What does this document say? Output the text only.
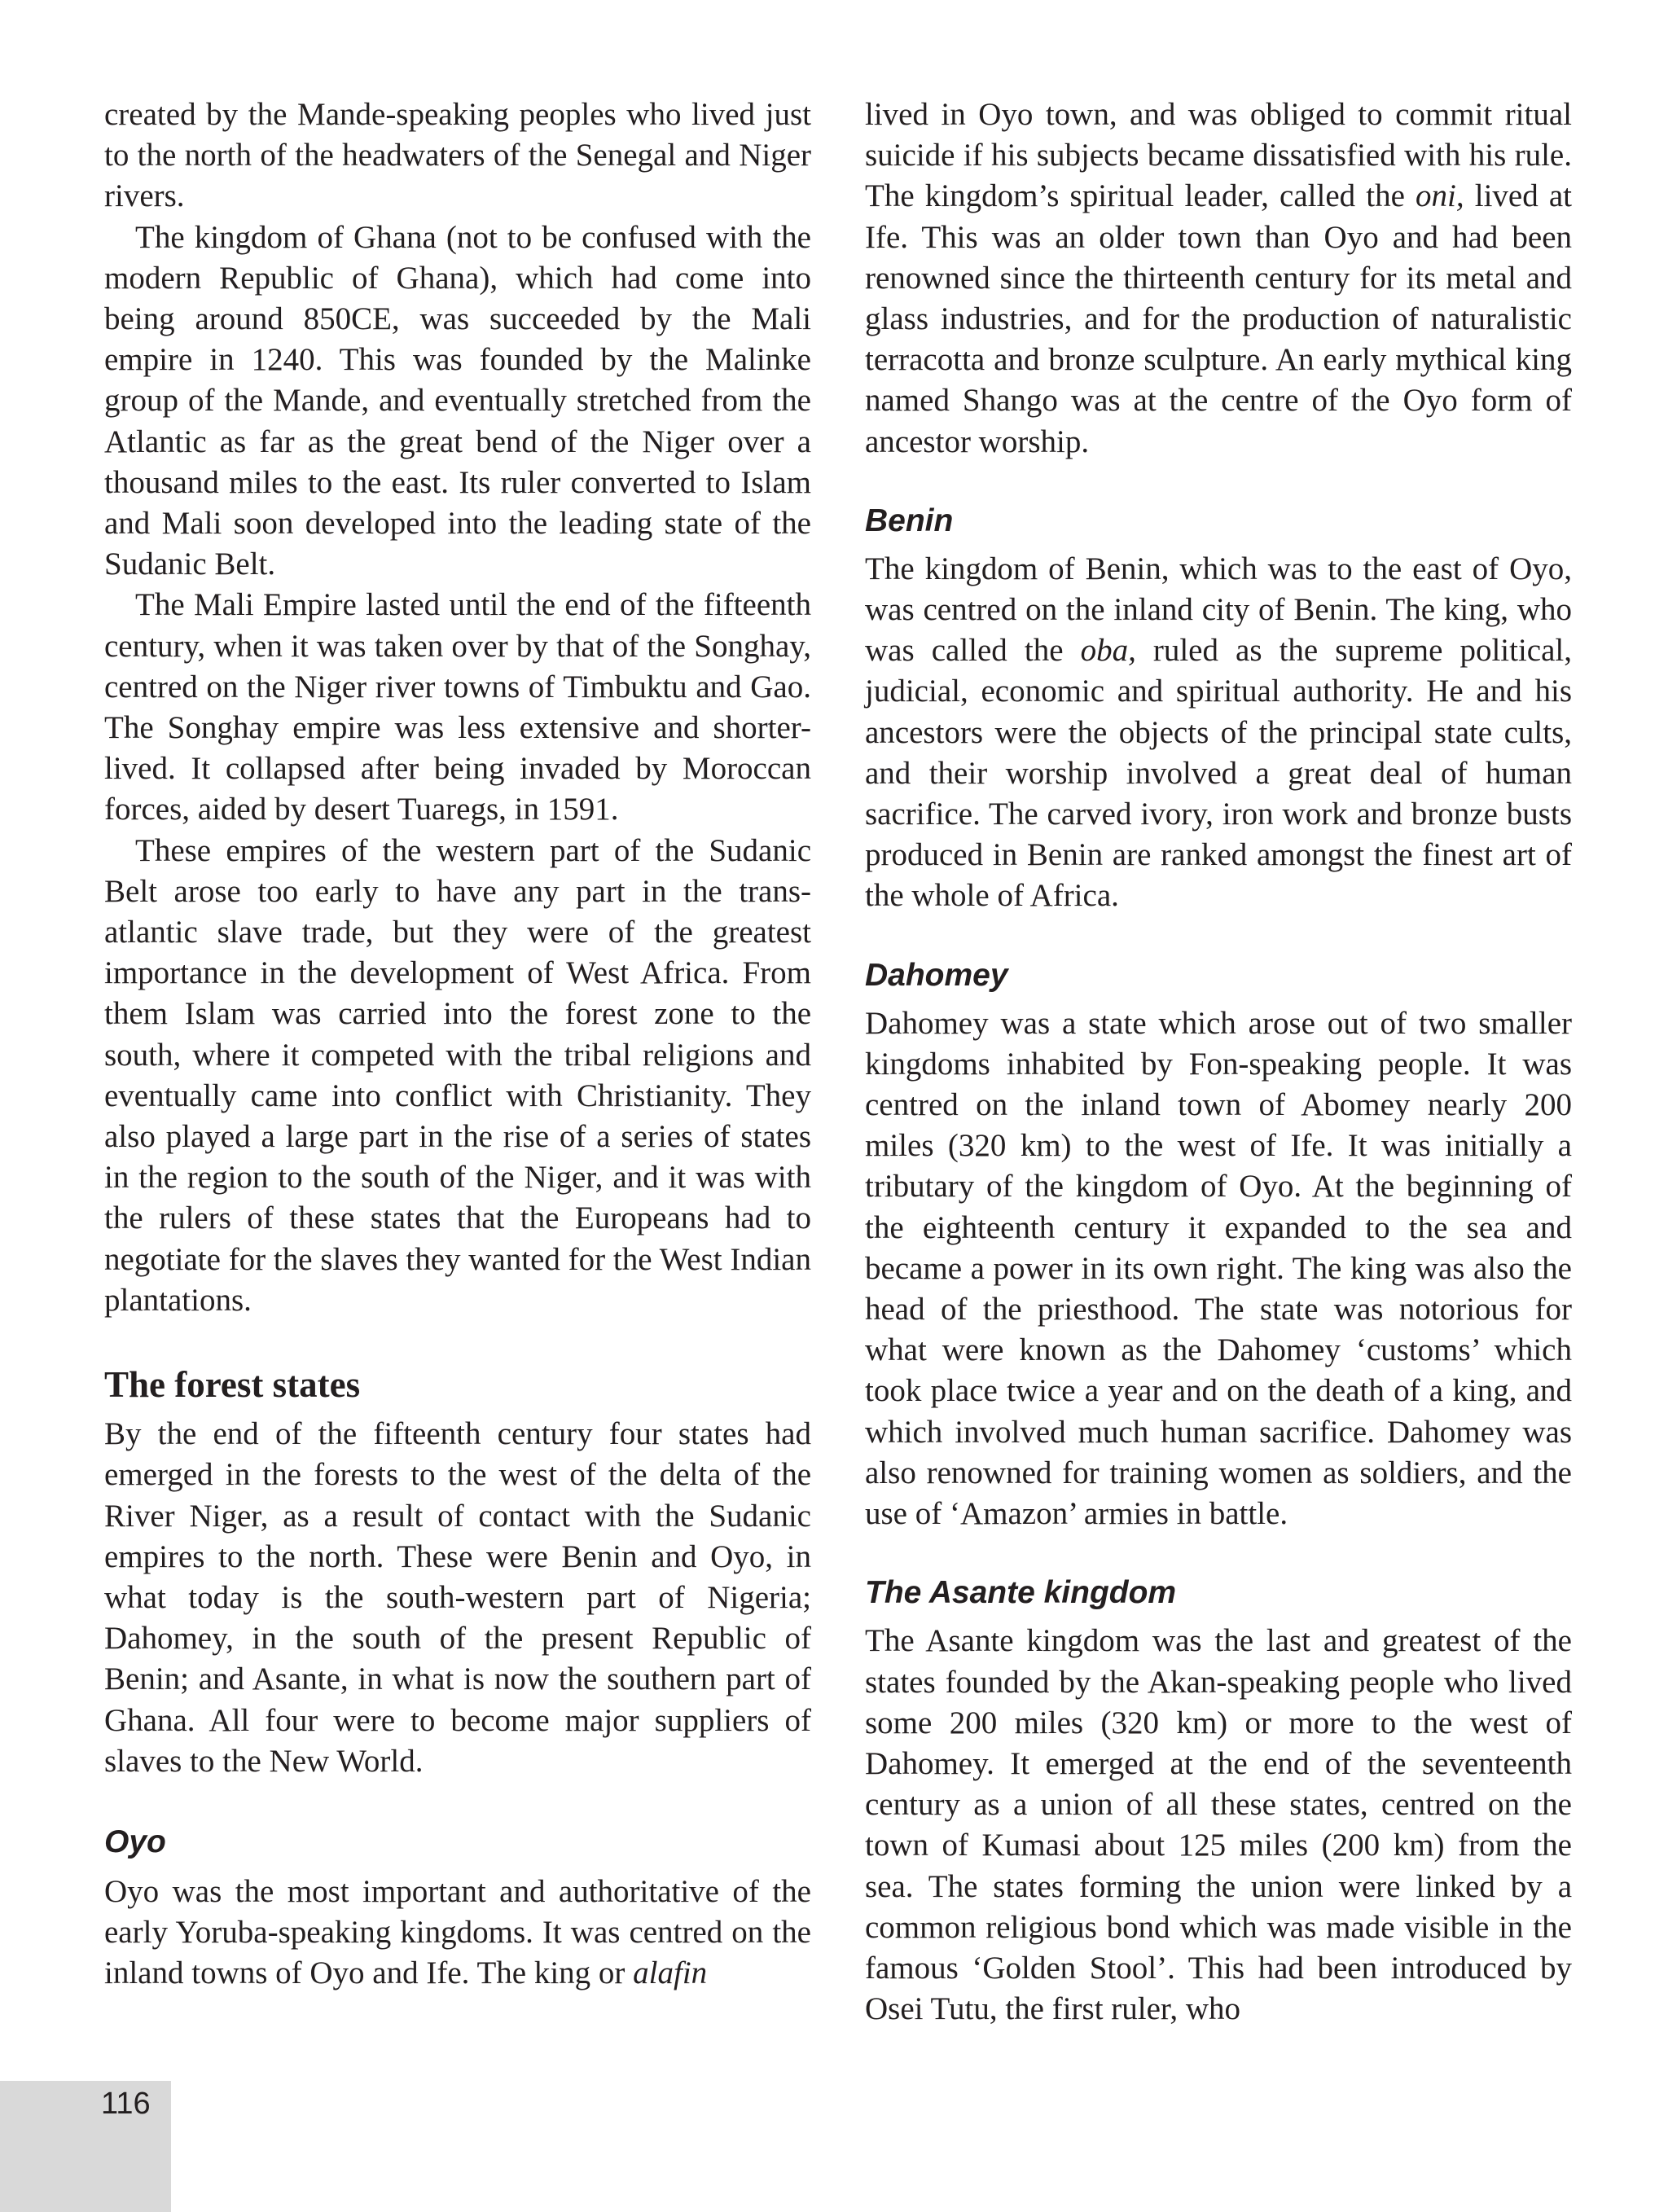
created by the Mande-speaking peoples who lived just to the north of the headwaters of the Senegal and Niger rivers.

The kingdom of Ghana (not to be confused with the modern Republic of Ghana), which had come into being around 850CE, was succeeded by the Mali empire in 1240. This was founded by the Malinke group of the Mande, and eventually stretched from the Atlantic as far as the great bend of the Niger over a thousand miles to the east. Its ruler converted to Islam and Mali soon developed into the leading state of the Sudanic Belt.

The Mali Empire lasted until the end of the fifteenth century, when it was taken over by that of the Songhay, centred on the Niger river towns of Timbuktu and Gao. The Songhay empire was less extensive and shorter-lived. It collapsed after being invaded by Moroccan forces, aided by desert Tuaregs, in 1591.

These empires of the western part of the Sudanic Belt arose too early to have any part in the trans-atlantic slave trade, but they were of the greatest importance in the development of West Africa. From them Islam was carried into the forest zone to the south, where it competed with the tribal religions and eventually came into conflict with Christianity. They also played a large part in the rise of a series of states in the region to the south of the Niger, and it was with the rulers of these states that the Europeans had to negotiate for the slaves they wanted for the West Indian plantations.

The forest states

By the end of the fifteenth century four states had emerged in the forests to the west of the delta of the River Niger, as a result of contact with the Sudanic empires to the north. These were Benin and Oyo, in what today is the south-western part of Nigeria; Dahomey, in the south of the present Republic of Benin; and Asante, in what is now the southern part of Ghana. All four were to become major suppliers of slaves to the New World.

Oyo

Oyo was the most important and authoritative of the early Yoruba-speaking kingdoms. It was centred on the inland towns of Oyo and Ife. The king or alafin

lived in Oyo town, and was obliged to commit ritual suicide if his subjects became dissatisfied with his rule. The kingdom’s spiritual leader, called the oni, lived at Ife. This was an older town than Oyo and had been renowned since the thirteenth century for its metal and glass industries, and for the production of naturalistic terracotta and bronze sculpture. An early mythical king named Shango was at the centre of the Oyo form of ancestor worship.

Benin

The kingdom of Benin, which was to the east of Oyo, was centred on the inland city of Benin. The king, who was called the oba, ruled as the supreme political, judicial, economic and spiritual authority. He and his ancestors were the objects of the principal state cults, and their worship involved a great deal of human sacrifice. The carved ivory, iron work and bronze busts produced in Benin are ranked amongst the finest art of the whole of Africa.

Dahomey

Dahomey was a state which arose out of two smaller kingdoms inhabited by Fon-speaking people. It was centred on the inland town of Abomey nearly 200 miles (320 km) to the west of Ife. It was initially a tributary of the kingdom of Oyo. At the beginning of the eighteenth century it expanded to the sea and became a power in its own right. The king was also the head of the priesthood. The state was notorious for what were known as the Dahomey ‘customs’ which took place twice a year and on the death of a king, and which involved much human sacrifice. Dahomey was also renowned for training women as soldiers, and the use of ‘Amazon’ armies in battle.

The Asante kingdom

The Asante kingdom was the last and greatest of the states founded by the Akan-speaking people who lived some 200 miles (320 km) or more to the west of Dahomey. It emerged at the end of the seventeenth century as a union of all these states, centred on the town of Kumasi about 125 miles (200 km) from the sea. The states forming the union were linked by a common religious bond which was made visible in the famous ‘Golden Stool’. This had been introduced by Osei Tutu, the first ruler, who

116
